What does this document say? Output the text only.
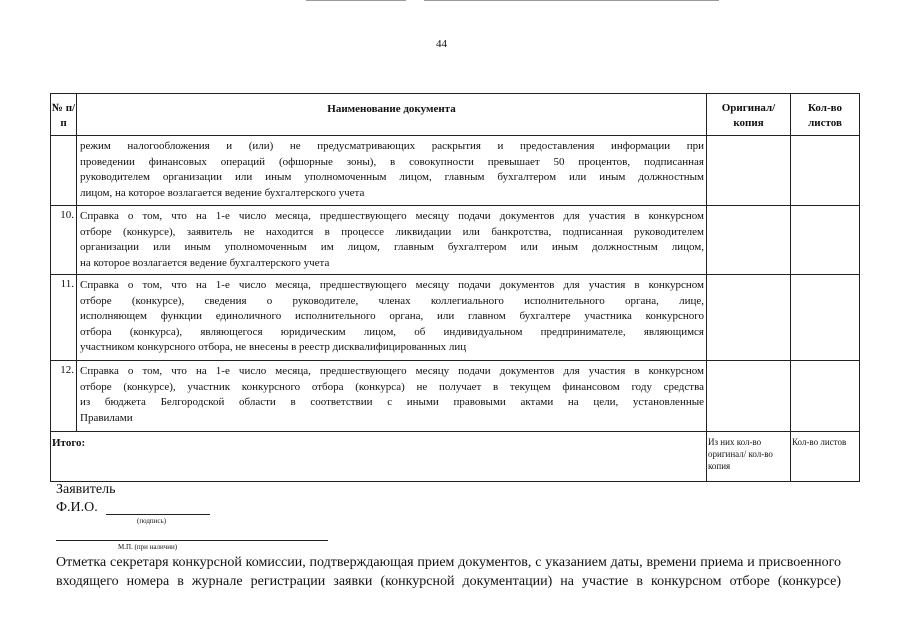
44
№ п/п	Наименование документа	Оригинал/ копия	Кол-во листов

	режим налогообложения и (или) не предусматривающих раскрытия и предоставления информации при
проведении финансовых операций (офшорные зоны), в совокупности превышает 50 процентов, подписанная
руководителем организации или иным уполномоченным лицом, главным бухгалтером или иным должностным
лицом, на которое возлагается ведение бухгалтерского учета		

10.	Справка о том, что на 1-е число месяца, предшествующего месяцу подачи документов для участия в конкурсном
отборе (конкурсе), заявитель не находится в процессе ликвидации или банкротства, подписанная руководителем
организации или иным уполномоченным им лицом, главным бухгалтером или иным должностным лицом,
на которое возлагается ведение бухгалтерского учета		

11.	Справка о том, что на 1-е число месяца, предшествующего месяцу подачи документов для участия в конкурсном
отборе (конкурсе), сведения о руководителе, членах коллегиального исполнительного органа, лице,
исполняющем функции единоличного исполнительного органа, или главном бухгалтере участника конкурсного
отбора (конкурса), являющегося юридическим лицом, об индивидуальном предпринимателе, являющимся
участником конкурсного отбора, не внесены в реестр дисквалифицированных лиц		

12.	Справка о том, что на 1-е число месяца, предшествующего месяцу подачи документов для участия в конкурсном
отборе (конкурсе), участник конкурсного отбора (конкурса) не получает в текущем финансовом году средства
из бюджета Белгородской области в соответствии с иными правовыми актами на цели, установленные
Правилами		

Итого:		Из них кол-во оригинал/ кол-во копия	Кол-во листов
Заявитель
Ф.И.О.
(подпись)
М.П. (при наличии)
Отметка секретаря конкурсной комиссии, подтверждающая прием документов, с указанием даты, времени приема и присвоенного
входящего номера в журнале регистрации заявки (конкурсной документации) на участие в конкурсном отборе (конкурсе)
